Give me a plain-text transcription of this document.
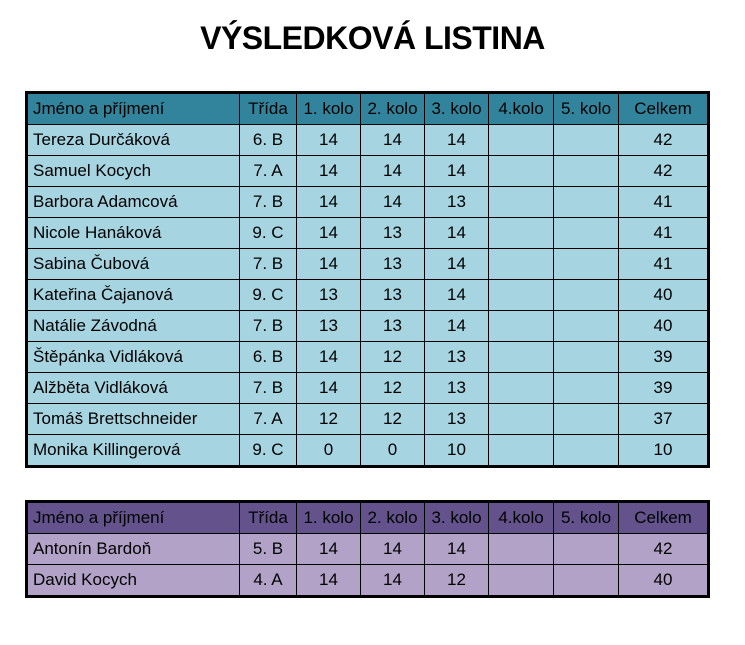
VÝSLEDKOVÁ LISTINA
Jméno a příjmení	Třída	1. kolo	2. kolo	3. kolo	4.kolo	5. kolo	Celkem
Tereza Durčáková	6. B	14	14	14			42
Samuel Kocych	7. A	14	14	14			42
Barbora Adamcová	7. B	14	14	13			41
Nicole Hanáková	9. C	14	13	14			41
Sabina Čubová	7. B	14	13	14			41
Kateřina Čajanová	9. C	13	13	14			40
Natálie Závodná	7. B	13	13	14			40
Štěpánka Vidláková	6. B	14	12	13			39
Alžběta Vidláková	7. B	14	12	13			39
Tomáš Brettschneider	7. A	12	12	13			37
Monika Killingerová	9. C	0	0	10			10
Jméno a příjmení	Třída	1. kolo	2. kolo	3. kolo	4.kolo	5. kolo	Celkem
Antonín Bardoň	5. B	14	14	14			42
David Kocych	4. A	14	14	12			40
